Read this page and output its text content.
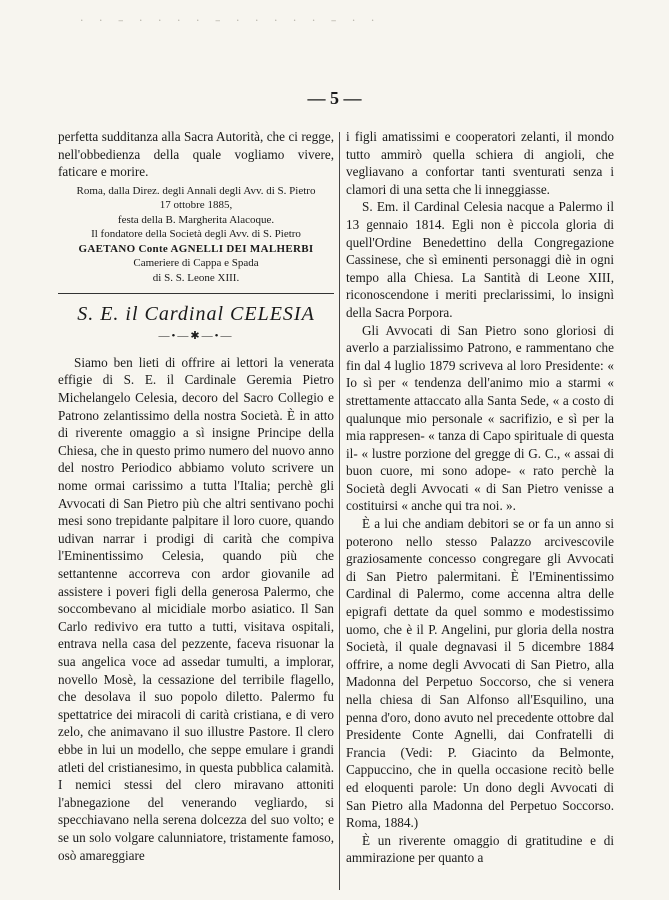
· · – · · · · – · · · · · – · ·
— 5 —

perfetta sudditanza alla Sacra Autorità, che ci regge, nell'obbedienza della quale vogliamo vivere, faticare e morire.

Roma, dalla Direz. degli Annali degli Avv. di S. Pietro

17 ottobre 1885,

festa della B. Margherita Alacoque.

Il fondatore della Società degli Avv. di S. Pietro

GAETANO Conte AGNELLI DEI MALHERBI

Cameriere di Cappa e Spada

di S. S. Leone XIII.

S. E. il Cardinal CELESIA
—•—✱—•—

Siamo ben lieti di offrire ai lettori la venerata effigie di S. E. il Cardinale Geremia Pietro Michelangelo Celesia, decoro del Sacro Collegio e Patrono zelantissimo della nostra Società. È in atto di riverente omaggio a sì insigne Principe della Chiesa, che in questo primo numero del nuovo anno del nostro Periodico abbiamo voluto scrivere un nome ormai carissimo a tutta l'Italia; perchè gli Avvocati di San Pietro più che altri sentivano pochi mesi sono trepidante palpitare il loro cuore, quando udivan narrar i prodigi di carità che compiva l'Eminentissimo Celesia, quando più che settantenne accorreva con ardor giovanile ad assistere i poveri figli della generosa Palermo, che soccombevano al micidiale morbo asiatico. Il San Carlo redivivo era tutto a tutti, visitava ospitali, entrava nella casa del pezzente, faceva risuonar la sua angelica voce ad assedar tumulti, a implorar, novello Mosè, la cessazione del terribile flagello, che desolava il suo popolo diletto. Palermo fu spettatrice dei miracoli di carità cristiana, e di vero zelo, che animavano il suo illustre Pastore. Il clero ebbe in lui un modello, che seppe emulare i grandi atleti del cristianesimo, in questa pubblica calamità. I nemici stessi del clero miravano attoniti l'abnegazione del venerando vegliardo, si specchiavano nella serena dolcezza del suo volto; e se un solo volgare calunniatore, tristamente famoso, osò amareggiare

i figli amatissimi e cooperatori zelanti, il mondo tutto ammirò quella schiera di angioli, che vegliavano a confortar tanti sventurati senza i clamori di una setta che li inneggiasse.

S. Em. il Cardinal Celesia nacque a Palermo il 13 gennaio 1814. Egli non è piccola gloria di quell'Ordine Benedettino della Congregazione Cassinese, che sì eminenti personaggi diè in ogni tempo alla Chiesa. La Santità di Leone XIII, riconoscendone i meriti preclarissimi, lo insignì della Sacra Porpora.

Gli Avvocati di San Pietro sono gloriosi di averlo a parzialissimo Patrono, e rammentano che fin dal 4 luglio 1879 scriveva al loro Presidente: « Io sì per « tendenza dell'animo mio a starmi « strettamente attaccato alla Santa Sede, « a costo di qualunque mio personale « sacrifizio, e sì per la mia rappresen- « tanza di Capo spirituale di questa il- « lustre porzione del gregge di G. C., « assai di buon cuore, mi sono adope- « rato perchè la Società degli Avvocati « di San Pietro venisse a costituirsi « anche qui tra noi. ».

È a lui che andiam debitori se or fa un anno si poterono nello stesso Palazzo arcivescovile graziosamente concesso congregare gli Avvocati di San Pietro palermitani. È l'Eminentissimo Cardinal di Palermo, come accenna altra delle epigrafi dettate da quel sommo e modestissimo uomo, che è il P. Angelini, pur gloria della nostra Società, il quale degnavasi il 5 dicembre 1884 offrire, a nome degli Avvocati di San Pietro, alla Madonna del Perpetuo Soccorso, che si venera nella chiesa di San Alfonso all'Esquilino, una penna d'oro, dono avuto nel precedente ottobre dal Presidente Conte Agnelli, dai Confratelli di Francia (Vedi: P. Giacinto da Belmonte, Cappuccino, che in quella occasione recitò belle ed eloquenti parole: Un dono degli Avvocati di San Pietro alla Madonna del Perpetuo Soccorso. Roma, 1884.)

È un riverente omaggio di gratitudine e di ammirazione per quanto a
